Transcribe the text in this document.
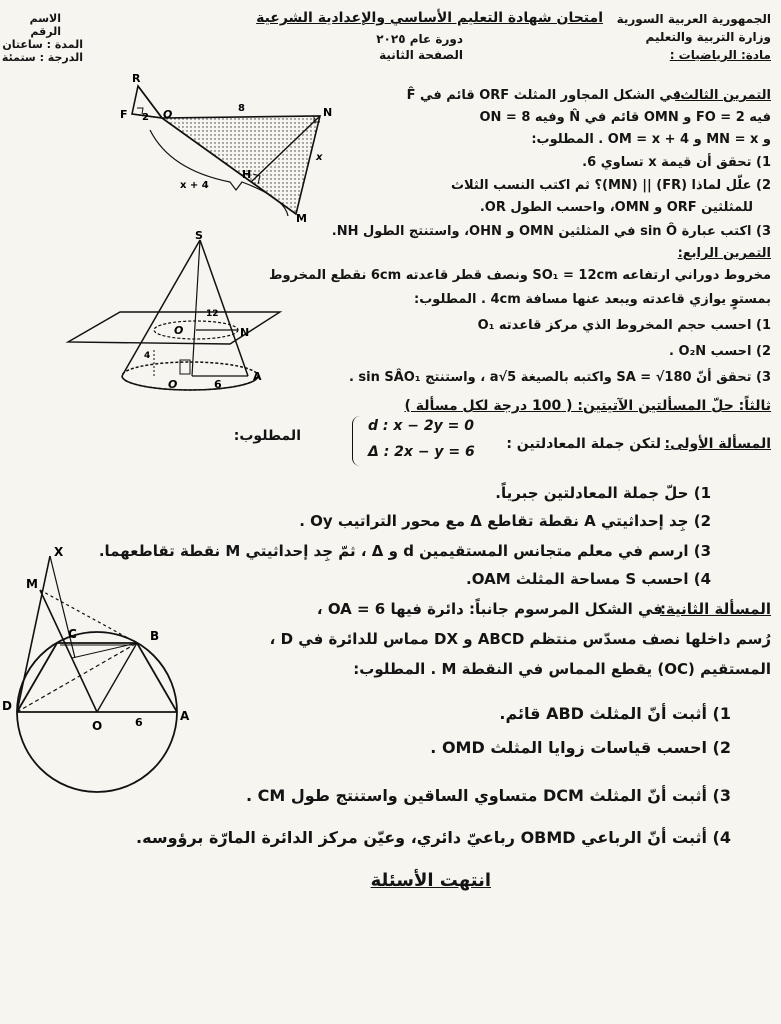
الجمهورية العربية السورية
وزارة التربية والتعليم
مادة: الرياضيات :
امتحان شهادة التعليم الأساسي والإعدادية الشرعية
دورة عام ٢٠٢٥
الصفحة الثانية
الاسم
الرقم
المدة : ساعتان
الدرجة : ستمئة
التمرين الثالث:
في الشكل المجاور المثلث ORF قائم في F̂
فيه FO = 2 و OMN قائم في N̂ وفيه ON = 8
و MN = x و OM = x + 4 . المطلوب:
1) تحقق أن قيمة x تساوي 6.
2) علّل لماذا (FR) || (MN)؟ ثم اكتب النسب الثلاث
للمثلثين ORF و OMN، واحسب الطول OR.
3) اكتب عبارة sin Ô في المثلثين OMN و OHN، واستنتج الطول NH.
R
F 2 O	8	N
x
H
M
x + 4
التمرين الرابع:
مخروط دوراني ارتفاعه SO₁ = 12cm ونصف قطر قاعدته 6cm نقطع المخروط
بمستوٍ يوازي قاعدته ويبعد عنها مسافة 4cm . المطلوب:
1) احسب حجم المخروط الذي مركز قاعدته O₁
2) احسب O₂N .
3) تحقق أنّ SA = √180 واكتبه بالصيغة a√5 ، واستنتج sin SÂO₁ .
S
12
O	N
4
O	6
A
ثالثاً: حلّ المسألتين الآتيتين: ( 100 درجة لكل مسألة )
المسألة الأولى:
لتكن جملة المعادلتين :
d : x − 2y = 0
Δ : 2x − y = 6
المطلوب:
1) حلّ جملة المعادلتين جبرياً.
2) جِد إحداثيتي A نقطة تقاطع Δ مع محور التراتيب Oy .
3) ارسم في معلم متجانس المستقيمين d و Δ ، ثمّ جِد إحداثيتي M نقطة تقاطعهما.
4) احسب S مساحة المثلث OAM.
المسألة الثانية:
في الشكل المرسوم جانباً: دائرة فيها OA = 6 ،
رُسم داخلها نصف مسدّس منتظم ABCD و DX مماس للدائرة في D ،
المستقيم (OC) يقطع المماس في النقطة M . المطلوب:
1) أثبت أنّ المثلث ABD قائم.
2) احسب قياسات زوايا المثلث OMD .
3) أثبت أنّ المثلث DCM متساوي الساقين واستنتج طول CM .
4) أثبت أنّ الرباعي OBMD رباعيّ دائري، وعيّن مركز الدائرة المارّة برؤوسه.
X
M
C	B
D
O	6	A
انتهت الأسئلة
